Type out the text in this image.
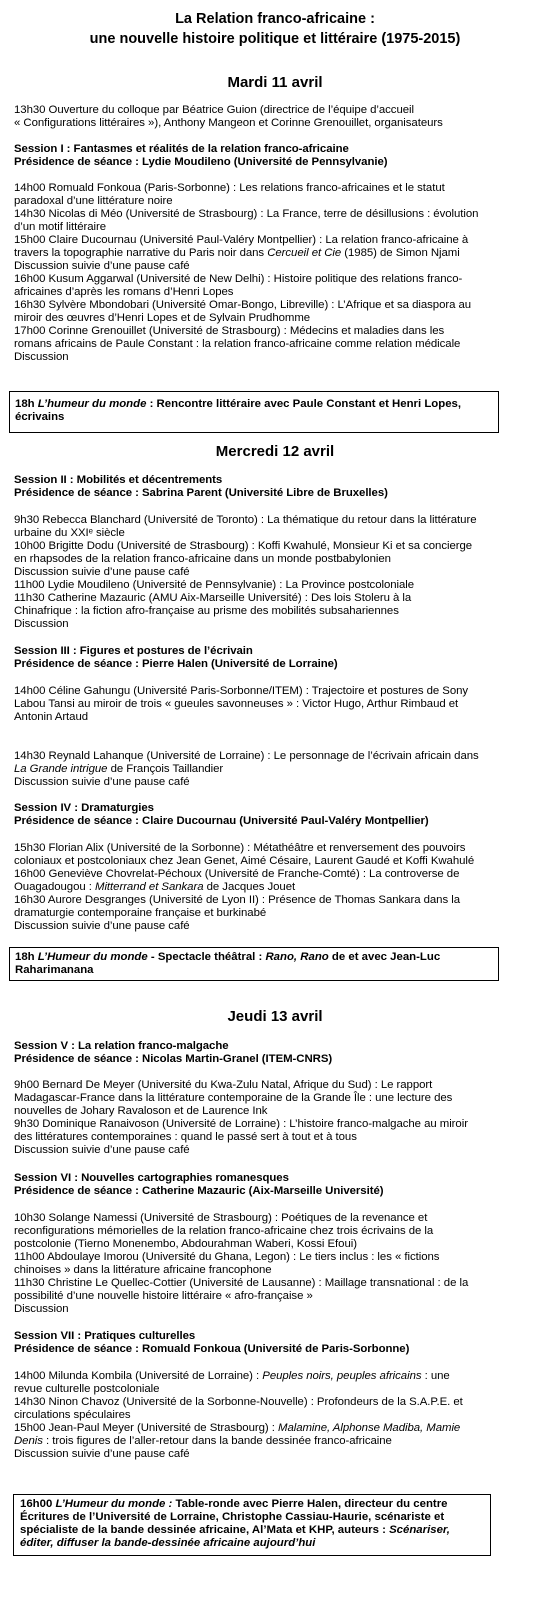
La Relation franco-africaine :
une nouvelle histoire politique et littéraire (1975-2015)
Mardi 11 avril
13h30 Ouverture du colloque par Béatrice Guion (directrice de l’équipe d’accueil
« Configurations littéraires »), Anthony Mangeon et Corinne Grenouillet, organisateurs
Session I : Fantasmes et réalités de la relation franco-africaine
Présidence de séance : Lydie Moudileno (Université de Pennsylvanie)
14h00 Romuald Fonkoua (Paris-Sorbonne) : Les relations franco-africaines et le statut
paradoxal d’une littérature noire
14h30 Nicolas di Méo (Université de Strasbourg) : La France, terre de désillusions : évolution
d’un motif littéraire
15h00 Claire Ducournau (Université Paul-Valéry Montpellier) : La relation franco-africaine à
travers la topographie narrative du Paris noir dans Cercueil et Cie (1985) de Simon Njami
Discussion suivie d’une pause café
16h00 Kusum Aggarwal (Université de New Delhi) : Histoire politique des relations franco-
africaines d’après les romans d’Henri Lopes
16h30 Sylvère Mbondobari (Université Omar-Bongo, Libreville) : L’Afrique et sa diaspora au
miroir des œuvres d’Henri Lopes et de Sylvain Prudhomme
17h00 Corinne Grenouillet (Université de Strasbourg) : Médecins et maladies dans les
romans africains de Paule Constant : la relation franco-africaine comme relation médicale
Discussion
18h L’humeur du monde : Rencontre littéraire avec Paule Constant et Henri Lopes,
écrivains
Mercredi 12 avril
Session II : Mobilités et décentrements
Présidence de séance : Sabrina Parent (Université Libre de Bruxelles)
9h30 Rebecca Blanchard (Université de Toronto) : La thématique du retour dans la littérature
urbaine du XXIᵉ siècle
10h00 Brigitte Dodu (Université de Strasbourg) : Koffi Kwahulé, Monsieur Ki et sa concierge
en rhapsodes de la relation franco-africaine dans un monde postbabylonien
Discussion suivie d’une pause café
11h00 Lydie Moudileno (Université de Pennsylvanie) : La Province postcoloniale
11h30 Catherine Mazauric (AMU Aix-Marseille Université) : Des lois Stoleru à la
Chinafrique : la fiction afro-française au prisme des mobilités subsahariennes
Discussion
Session III : Figures et postures de l’écrivain
Présidence de séance : Pierre Halen (Université de Lorraine)
14h00 Céline Gahungu (Université Paris-Sorbonne/ITEM) : Trajectoire et postures de Sony
Labou Tansi au miroir de trois « gueules savonneuses » : Victor Hugo, Arthur Rimbaud et
Antonin Artaud
14h30 Reynald Lahanque (Université de Lorraine) : Le personnage de l’écrivain africain dans
La Grande intrigue de François Taillandier
Discussion suivie d’une pause café
Session IV : Dramaturgies
Présidence de séance : Claire Ducournau (Université Paul-Valéry Montpellier)
15h30 Florian Alix (Université de la Sorbonne) : Métathéâtre et renversement des pouvoirs
coloniaux et postcoloniaux chez Jean Genet, Aimé Césaire, Laurent Gaudé et Koffi Kwahulé
16h00 Geneviève Chovrelat-Péchoux (Université de Franche-Comté) : La controverse de
Ouagadougou : Mitterrand et Sankara de Jacques Jouet
16h30 Aurore Desgranges (Université de Lyon II) : Présence de Thomas Sankara dans la
dramaturgie contemporaine française et burkinabé
Discussion suivie d’une pause café
18h L’Humeur du monde - Spectacle théâtral : Rano, Rano de et avec Jean-Luc
Raharimanana
Jeudi 13 avril
Session V : La relation franco-malgache
Présidence de séance : Nicolas Martin-Granel (ITEM-CNRS)
9h00 Bernard De Meyer (Université du Kwa-Zulu Natal, Afrique du Sud) : Le rapport
Madagascar-France dans la littérature contemporaine de la Grande Île : une lecture des
nouvelles de Johary Ravaloson et de Laurence Ink
9h30 Dominique Ranaivoson (Université de Lorraine) : L’histoire franco-malgache au miroir
des littératures contemporaines : quand le passé sert à tout et à tous
Discussion suivie d’une pause café
Session VI : Nouvelles cartographies romanesques
Présidence de séance : Catherine Mazauric (Aix-Marseille Université)
10h30 Solange Namessi (Université de Strasbourg) : Poétiques de la revenance et
reconfigurations mémorielles de la relation franco-africaine chez trois écrivains de la
postcolonie (Tierno Monenembo, Abdourahman Waberi, Kossi Efoui)
11h00 Abdoulaye Imorou (Université du Ghana, Legon) : Le tiers inclus : les « fictions
chinoises » dans la littérature africaine francophone
11h30 Christine Le Quellec-Cottier (Université de Lausanne) : Maillage transnational : de la
possibilité d’une nouvelle histoire littéraire « afro-française »
Discussion
Session VII : Pratiques culturelles
Présidence de séance : Romuald Fonkoua (Université de Paris-Sorbonne)
14h00 Milunda Kombila (Université de Lorraine) : Peuples noirs, peuples africains : une
revue culturelle postcoloniale
14h30 Ninon Chavoz (Université de la Sorbonne-Nouvelle) : Profondeurs de la S.A.P.E. et
circulations spéculaires
15h00 Jean-Paul Meyer (Université de Strasbourg) : Malamine, Alphonse Madiba, Mamie
Denis : trois figures de l’aller-retour dans la bande dessinée franco-africaine
Discussion suivie d’une pause café
16h00 L’Humeur du monde : Table-ronde avec Pierre Halen, directeur du centre
Écritures de l’Université de Lorraine, Christophe Cassiau-Haurie, scénariste et
spécialiste de la bande dessinée africaine, Al’Mata et KHP, auteurs : Scénariser,
éditer, diffuser la bande-dessinée africaine aujourd’hui
